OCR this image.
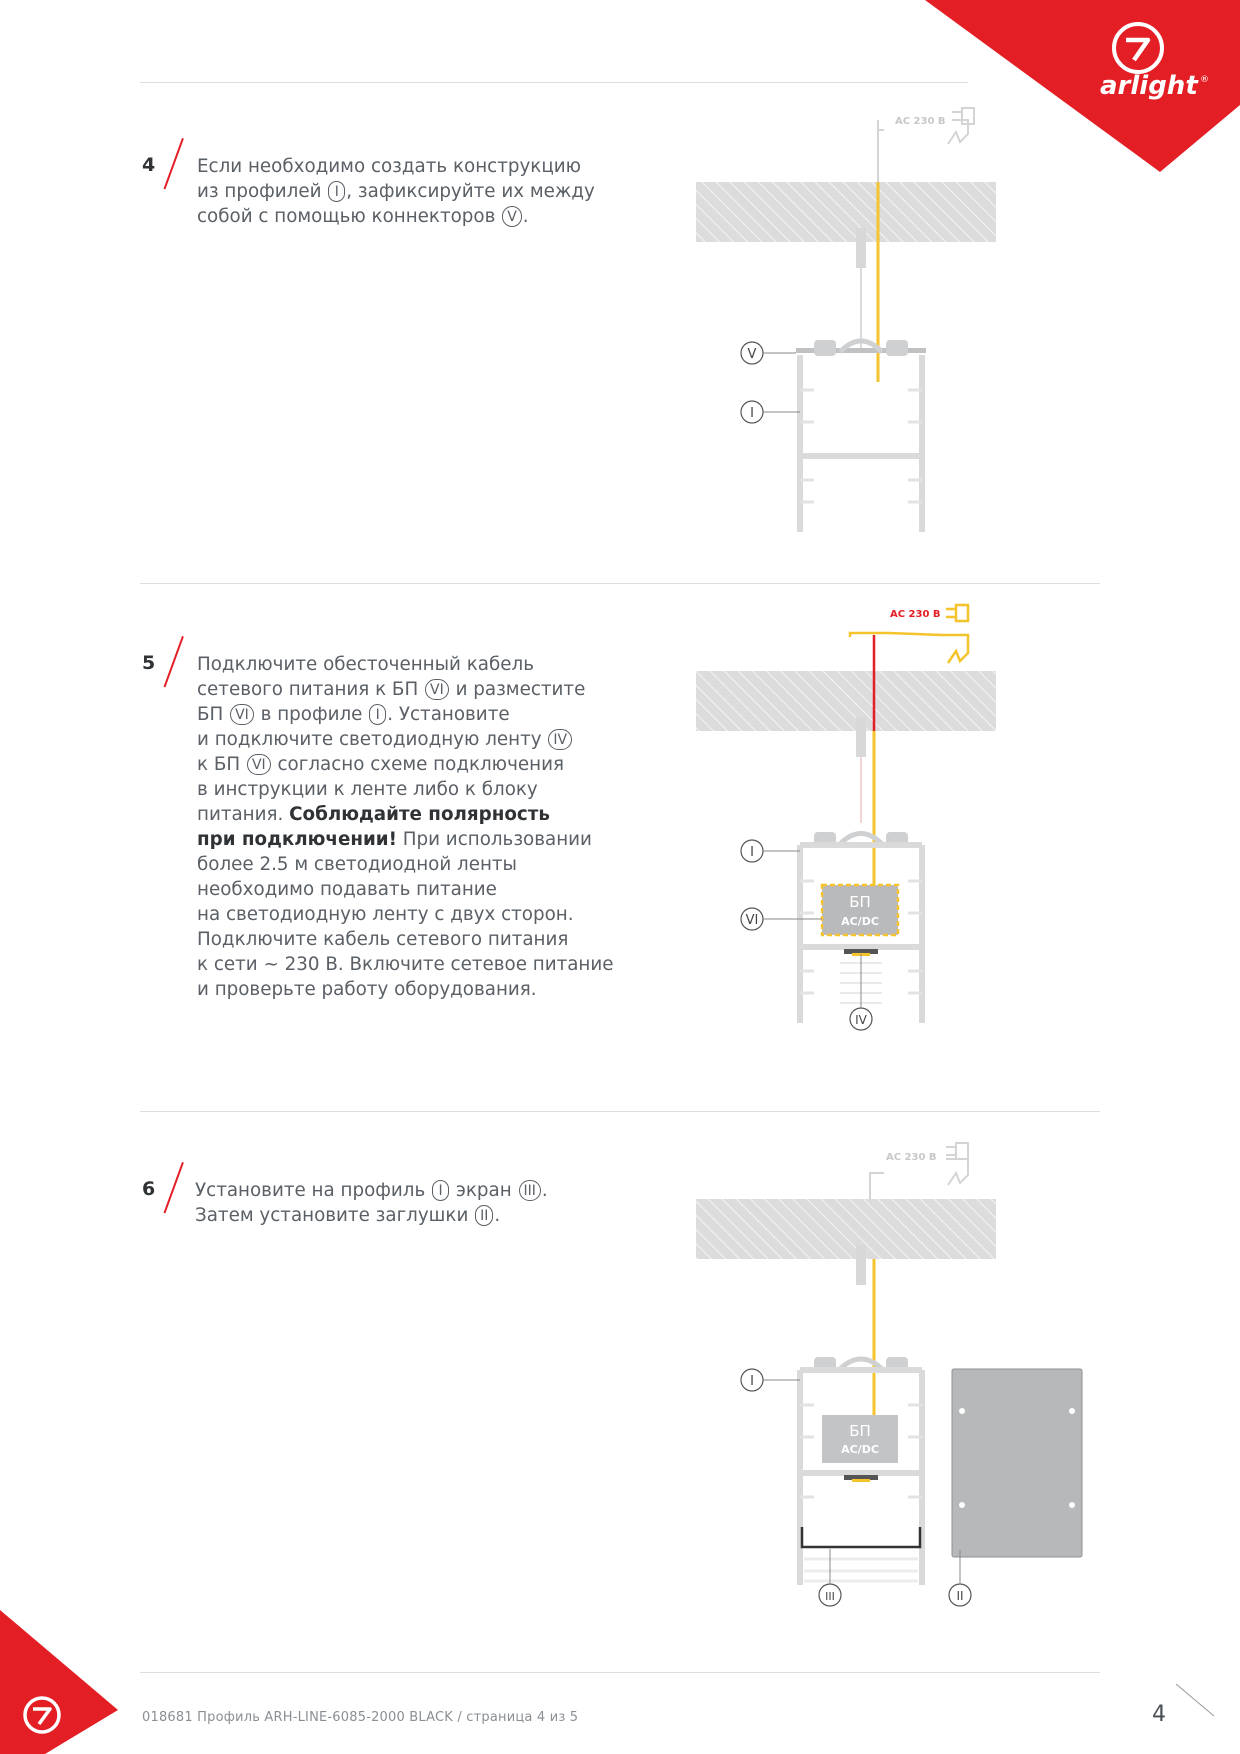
arlight ®
4 Если необходимо создать конструкцию
из профилей I , зафиксируйте их между
собой с помощью коннекторов V .
AC 230 В
V
I
5 Подключите обесточенный кабель
сетевого питания к БП VI и разместите
БП VI в профиле I . Установите
и подключите светодиодную ленту IV
к БП VI согласно схеме подключения
в инструкции к ленте либо к блоку
питания. Соблюдайте полярность
при подключении! При использовании
более 2.5 м светодиодной ленты
необходимо подавать питание
на светодиодную ленту с двух сторон.
Подключите кабель сетевого питания
к сети ~ 230 В. Включите сетевое питание
и проверьте работу оборудования.
AC 230 В
БП
AC/DC
I
VI
IV
6 Установите на профиль I экран III .
Затем установите заглушки II .
AC 230 В
БП
AC/DC
I
III	II
018681 Профиль ARH-LINE-6085-2000 BLACK / страница 4 из 5	4
